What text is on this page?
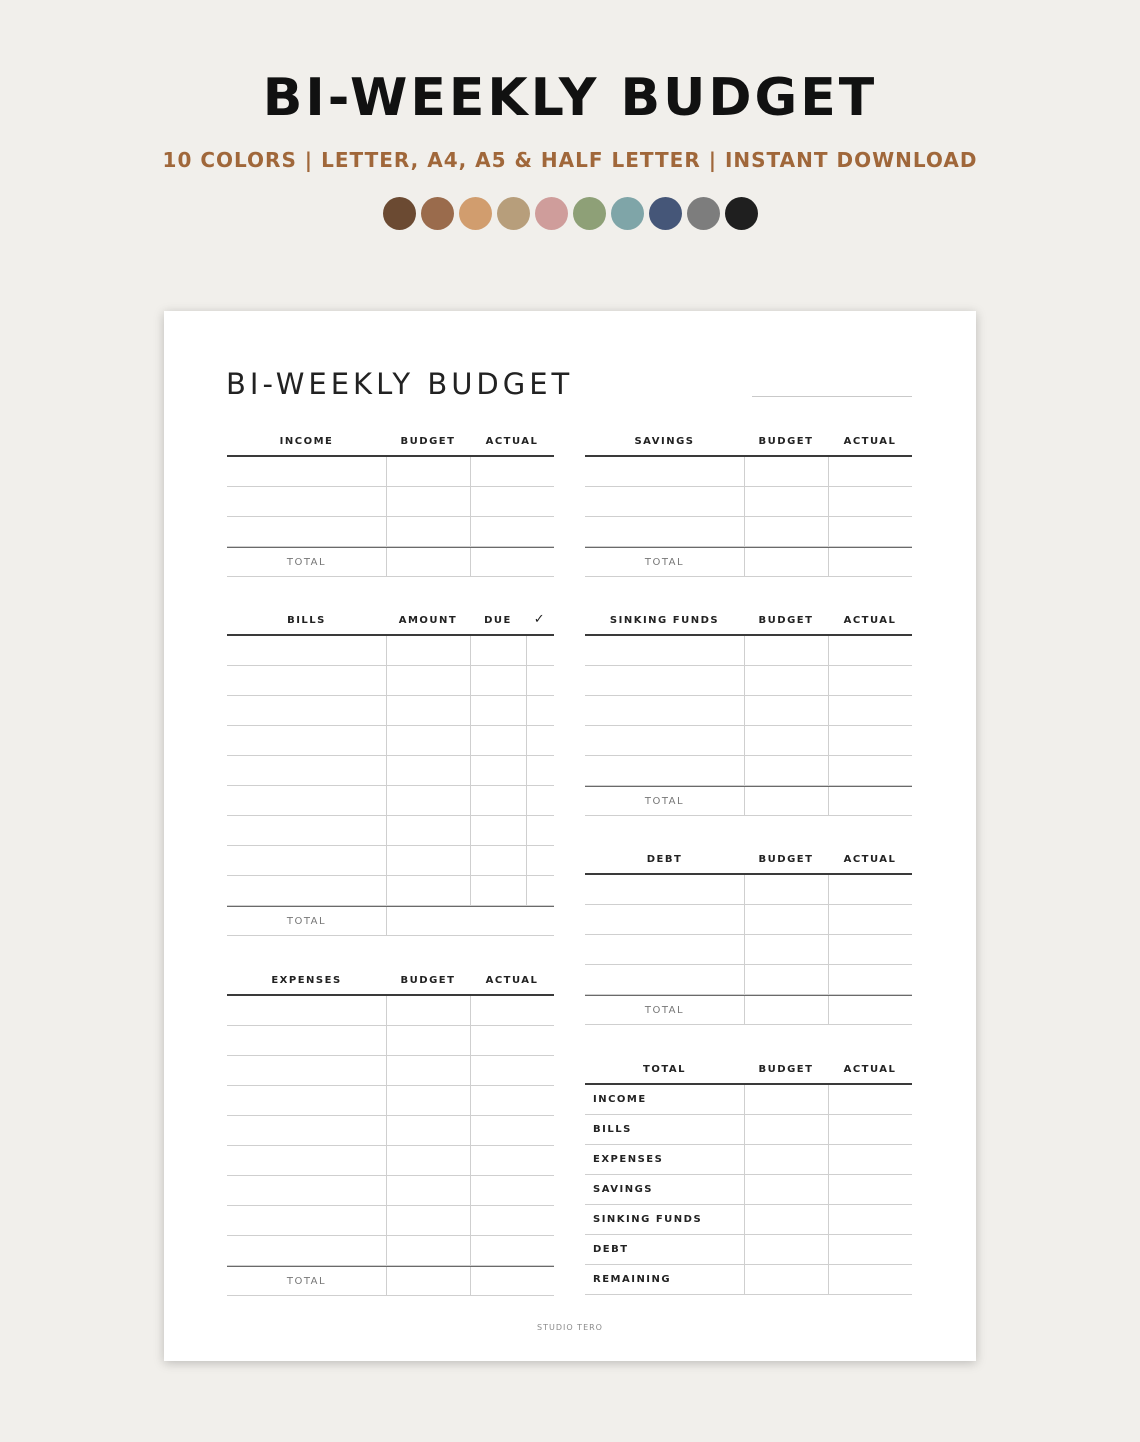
BI-WEEKLY BUDGET
10 COLORS | LETTER, A4, A5 & HALF LETTER | INSTANT DOWNLOAD
BI-WEEKLY BUDGET
INCOME	BUDGET	ACTUAL
TOTAL
SAVINGS	BUDGET	ACTUAL
TOTAL
BILLS	AMOUNT	DUE	✓
TOTAL
SINKING FUNDS	BUDGET	ACTUAL
TOTAL
DEBT	BUDGET	ACTUAL
TOTAL
EXPENSES	BUDGET	ACTUAL
TOTAL
TOTAL	BUDGET	ACTUAL
INCOME
BILLS
EXPENSES
SAVINGS
SINKING FUNDS
DEBT
REMAINING
STUDIO TERO
